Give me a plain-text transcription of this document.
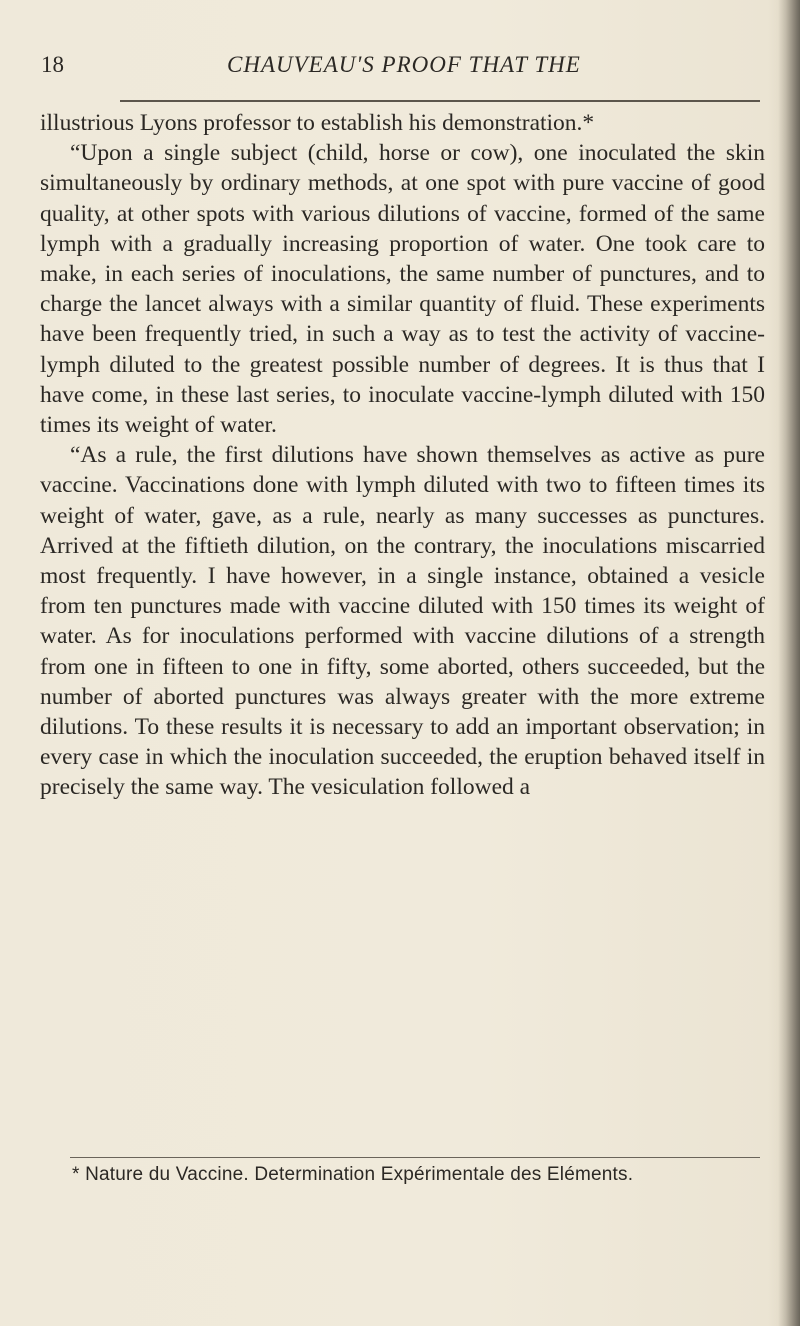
18	CHAUVEAU'S PROOF THAT THE

illustrious Lyons professor to establish his demonstration.*

“Upon a single subject (child, horse or cow), one inoculated the skin simultaneously by ordinary methods, at one spot with pure vaccine of good quality, at other spots with various dilutions of vaccine, formed of the same lymph with a gradually increasing proportion of water. One took care to make, in each series of inoculations, the same number of punctures, and to charge the lancet always with a similar quantity of fluid. These experiments have been frequently tried, in such a way as to test the activity of vaccine-lymph diluted to the greatest possible number of degrees. It is thus that I have come, in these last series, to inoculate vaccine-lymph diluted with 150 times its weight of water.

“As a rule, the first dilutions have shown themselves as active as pure vaccine. Vaccinations done with lymph diluted with two to fifteen times its weight of water, gave, as a rule, nearly as many successes as punctures. Arrived at the fiftieth dilution, on the contrary, the inoculations miscarried most frequently. I have however, in a single instance, obtained a vesicle from ten punctures made with vaccine diluted with 150 times its weight of water. As for inoculations performed with vaccine dilutions of a strength from one in fifteen to one in fifty, some aborted, others succeeded, but the number of aborted punctures was always greater with the more extreme dilutions. To these results it is necessary to add an important observation; in every case in which the inoculation succeeded, the eruption behaved itself in precisely the same way. The vesiculation followed a

* Nature du Vaccine. Determination Expérimentale des Eléments.
